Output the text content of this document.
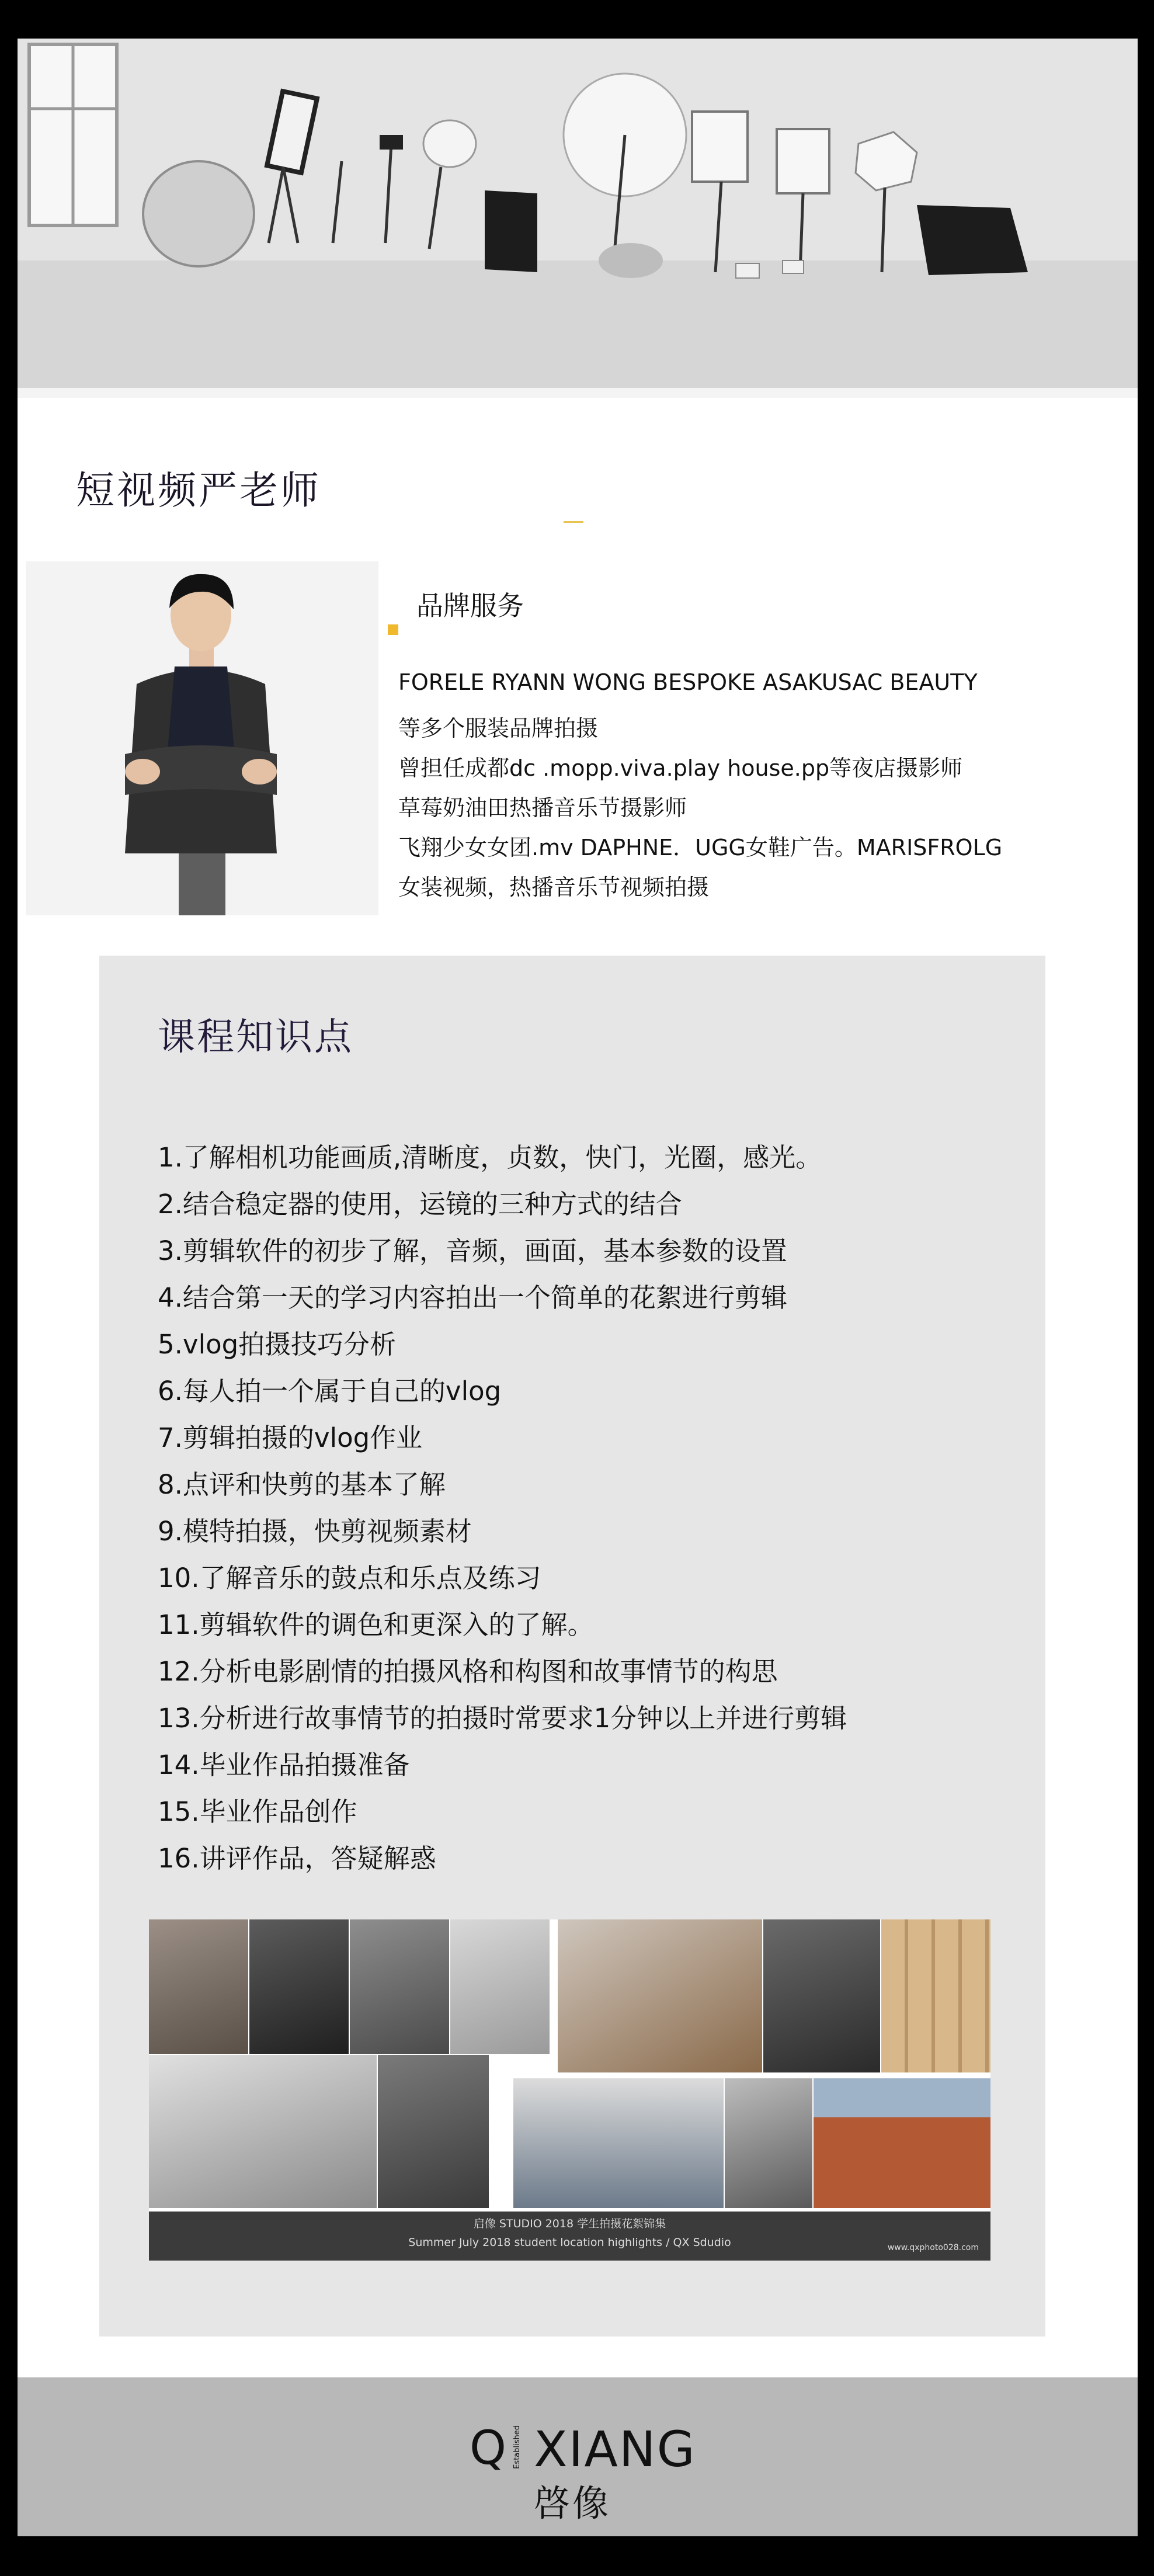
短视频严老师
品牌服务
FORELE RYANN WONG BESPOKE ASAKUSAC BEAUTY
等多个服装品牌拍摄
曾担任成都dc .mopp.viva.play house.pp等夜店摄影师
草莓奶油田热播音乐节摄影师
飞翔少女女团.mv DAPHNE．UGG女鞋广告。MARISFROLG
女装视频，热播音乐节视频拍摄
课程知识点
1.了解相机功能画质,清晰度，贞数，快门，光圈，感光。
2.结合稳定器的使用，运镜的三种方式的结合
3.剪辑软件的初步了解，音频，画面，基本参数的设置
4.结合第一天的学习内容拍出一个简单的花絮进行剪辑
5.vlog拍摄技巧分析
6.每人拍一个属于自己的vlog
7.剪辑拍摄的vlog作业
8.点评和快剪的基本了解
9.模特拍摄，快剪视频素材
10.了解音乐的鼓点和乐点及练习
11.剪辑软件的调色和更深入的了解。
12.分析电影剧情的拍摄风格和构图和故事情节的构思
13.分析进行故事情节的拍摄时常要求1分钟以上并进行剪辑
14.毕业作品拍摄准备
15.毕业作品创作
16.讲评作品，答疑解惑
启像 STUDIO 2018 学生拍摄花絮锦集
Summer July 2018 student location highlights / QX Sdudio	www.qxphoto028.com
Q Established XIANG
啓像
